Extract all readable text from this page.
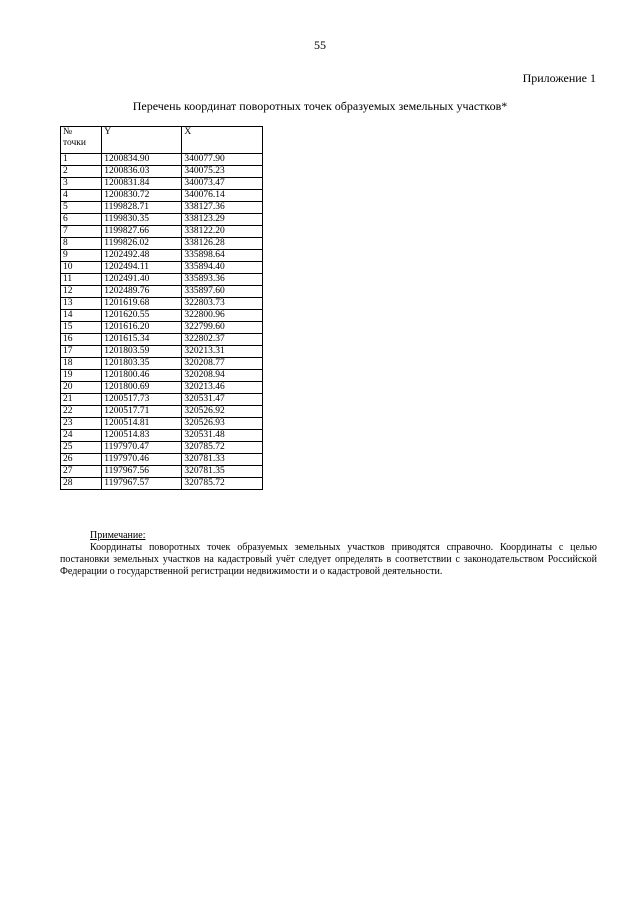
55
Приложение 1
Перечень координат поворотных точек образуемых земельных участков*
№
точки	Y	X
1	1200834.90	340077.90
2	1200836.03	340075.23
3	1200831.84	340073.47
4	1200830.72	340076.14
5	1199828.71	338127.36
6	1199830.35	338123.29
7	1199827.66	338122.20
8	1199826.02	338126.28
9	1202492.48	335898.64
10	1202494.11	335894.40
11	1202491.40	335893.36
12	1202489.76	335897.60
13	1201619.68	322803.73
14	1201620.55	322800.96
15	1201616.20	322799.60
16	1201615.34	322802.37
17	1201803.59	320213.31
18	1201803.35	320208.77
19	1201800.46	320208.94
20	1201800.69	320213.46
21	1200517.73	320531.47
22	1200517.71	320526.92
23	1200514.81	320526.93
24	1200514.83	320531.48
25	1197970.47	320785.72
26	1197970.46	320781.33
27	1197967.56	320781.35
28	1197967.57	320785.72
Примечание:

Координаты поворотных точек образуемых земельных участков приводятся справочно. Координаты с целью постановки земельных участков на кадастровый учёт следует определять в соответствии с законодательством Российской Федерации о государственной регистрации недвижимости и о кадастровой деятельности.
